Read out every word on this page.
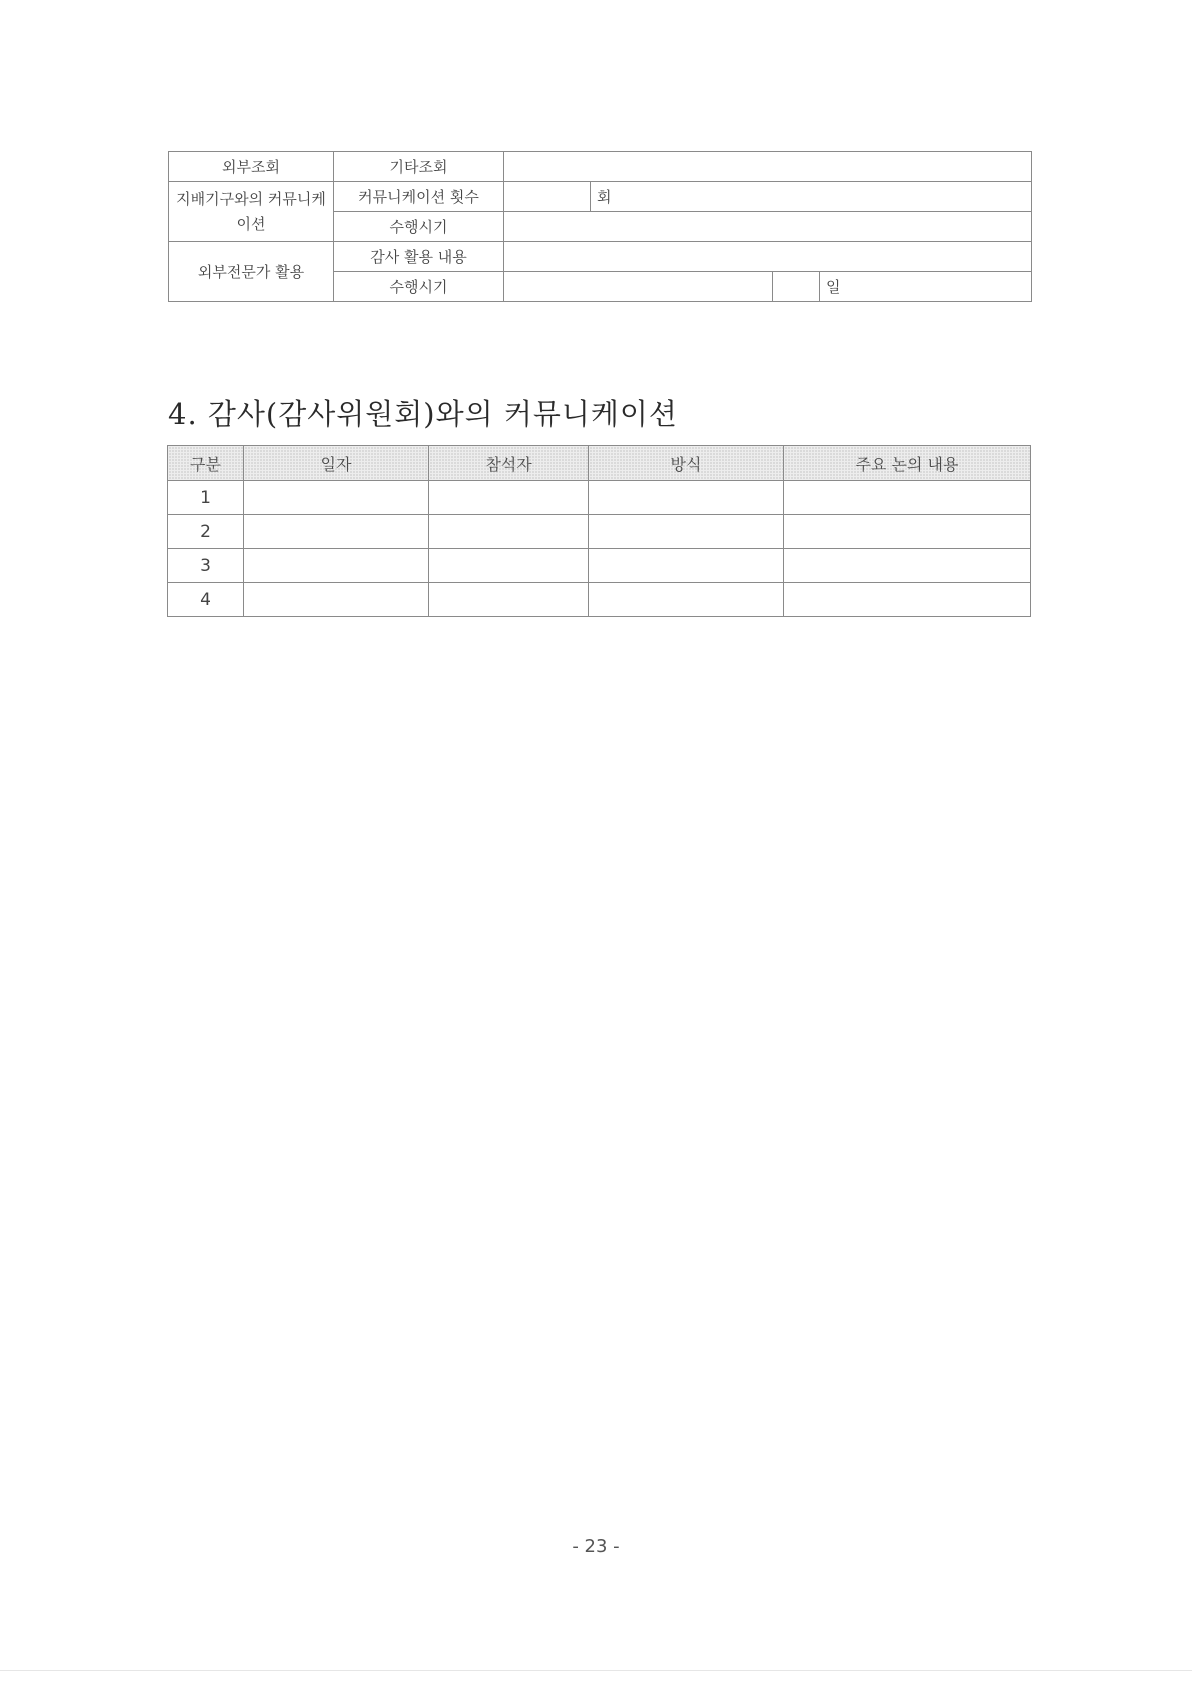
외부조회	기타조회				
지배기구와의 커뮤니케이션	커뮤니케이션 횟수		회		
	수행시기				
외부전문가 활용	감사 활용 내용				
	수행시기				일
4. 감사(감사위원회)와의 커뮤니케이션
구분	일자	참석자	방식	주요 논의 내용
1				
2				
3				
4				
- 23 -
